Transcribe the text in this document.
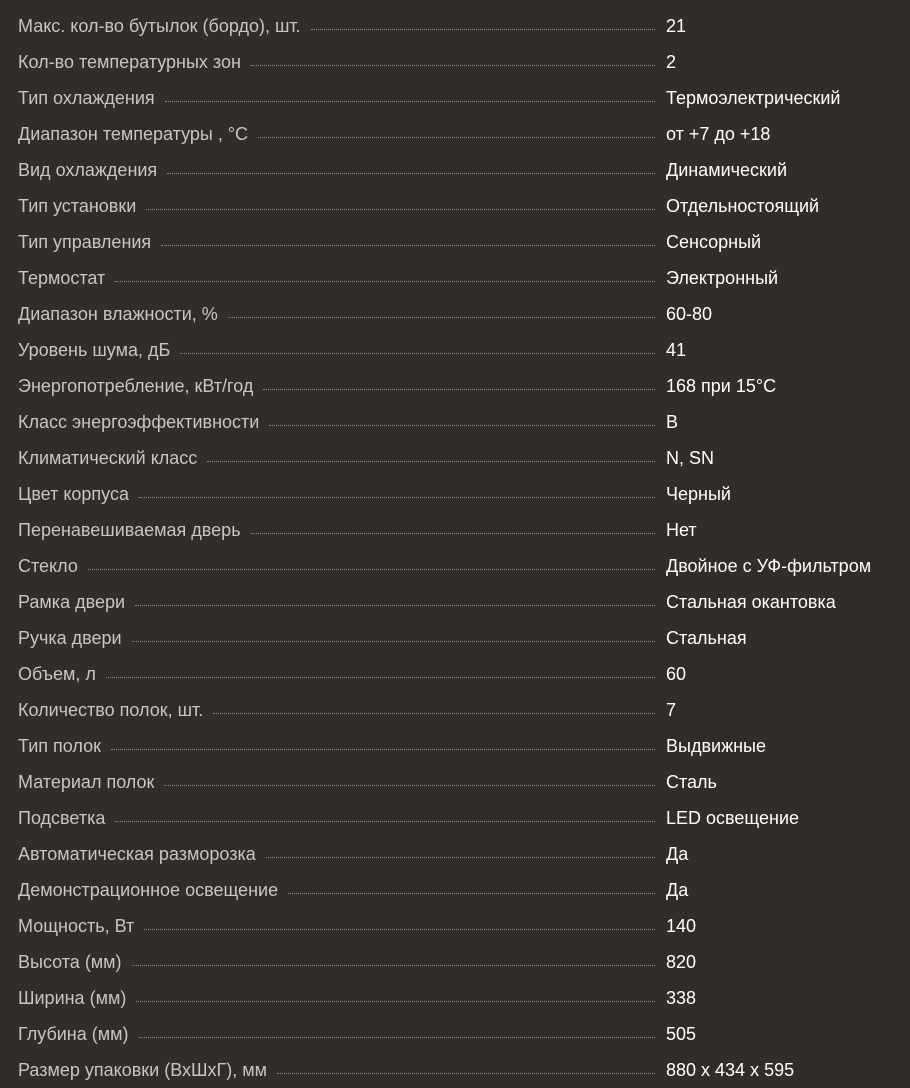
Макс. кол-во бутылок (бордо), шт.	21
Кол-во температурных зон	2
Тип охлаждения	Термоэлектрический
Диапазон температуры , °C	от +7 до +18
Вид охлаждения	Динамический
Тип установки	Отдельностоящий
Тип управления	Сенсорный
Термостат	Электронный
Диапазон влажности, %	60-80
Уровень шума, дБ	41
Энергопотребление, кВт/год	168 при 15°C
Класс энергоэффективности	B
Климатический класс	N, SN
Цвет корпуса	Черный
Перенавешиваемая дверь	Нет
Стекло	Двойное с УФ-фильтром
Рамка двери	Стальная окантовка
Ручка двери	Стальная
Объем, л	60
Количество полок, шт.	7
Тип полок	Выдвижные
Материал полок	Сталь
Подсветка	LED освещение
Автоматическая разморозка	Да
Демонстрационное освещение	Да
Мощность, Вт	140
Высота (мм)	820
Ширина (мм)	338
Глубина (мм)	505
Размер упаковки (ВхШхГ), мм	880 х 434 х 595
